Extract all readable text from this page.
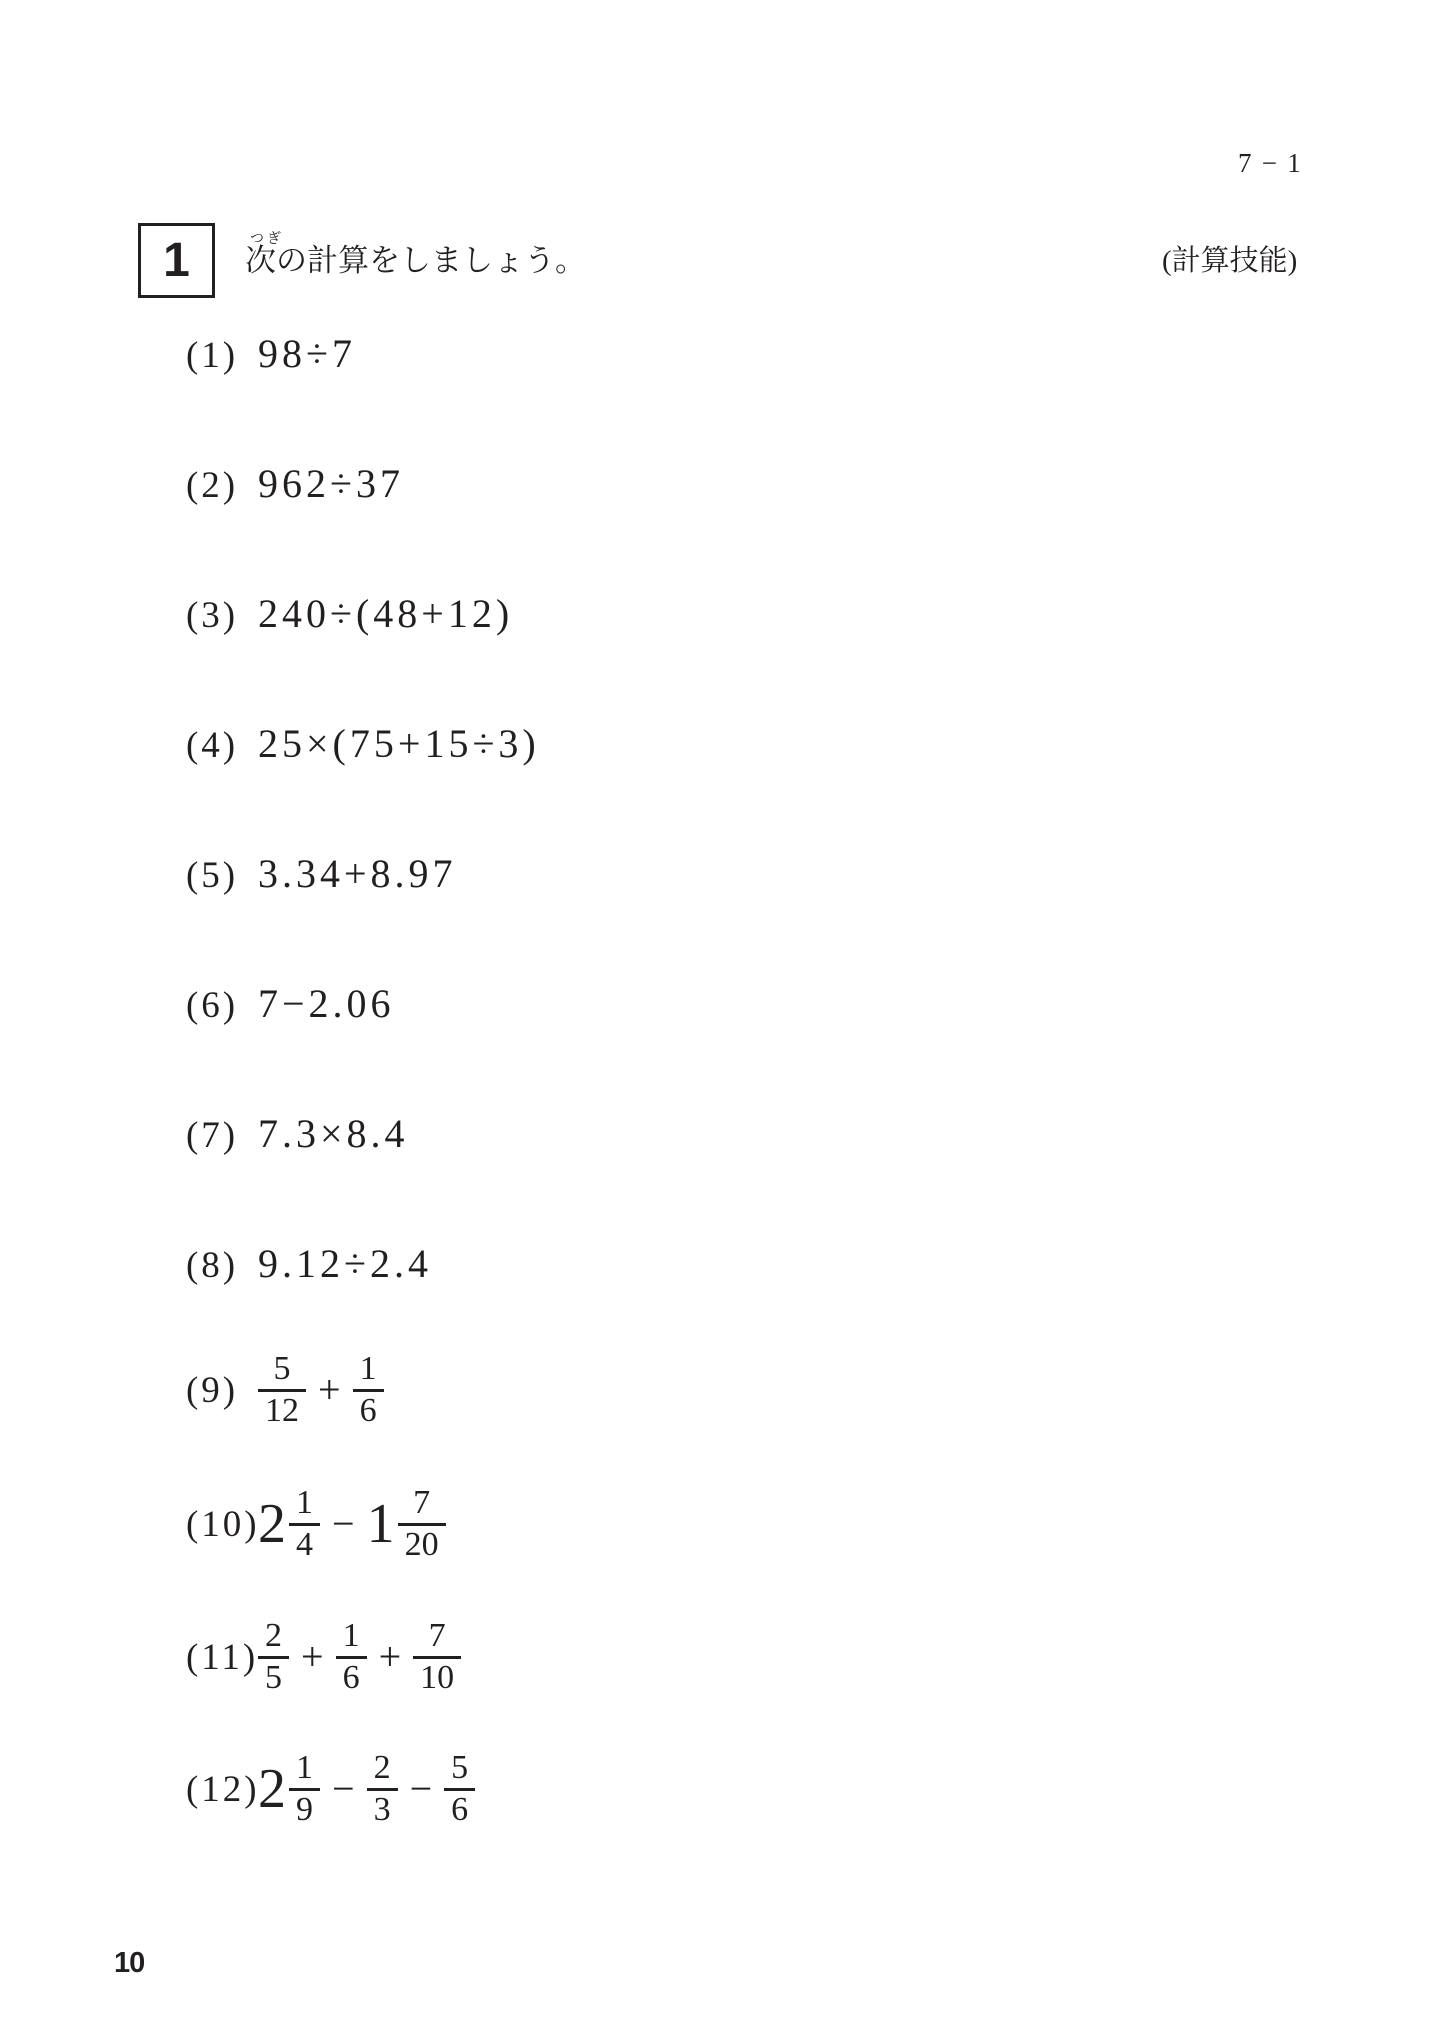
7−1
1	つぎ
次の計算をしましょう。	(計算技能)
(1) 98÷7
(2) 962÷37
(3) 240÷(48+12)
(4) 25×(75+15÷3)
(5) 3.34+8.97
(6) 7−2.06
(7) 7.3×8.4
(8) 9.12÷2.4
$(9) \frac{5}{12} + \frac{1}{6}$
(10)
$2 \frac{1}{4} - 1 \frac{7}{20}$
$(11) \frac{2}{5} + \frac{1}{6} + \frac{7}{10}$
(12)
$2 \frac{1}{9} - \frac{2}{3} - \frac{5}{6}$
10
